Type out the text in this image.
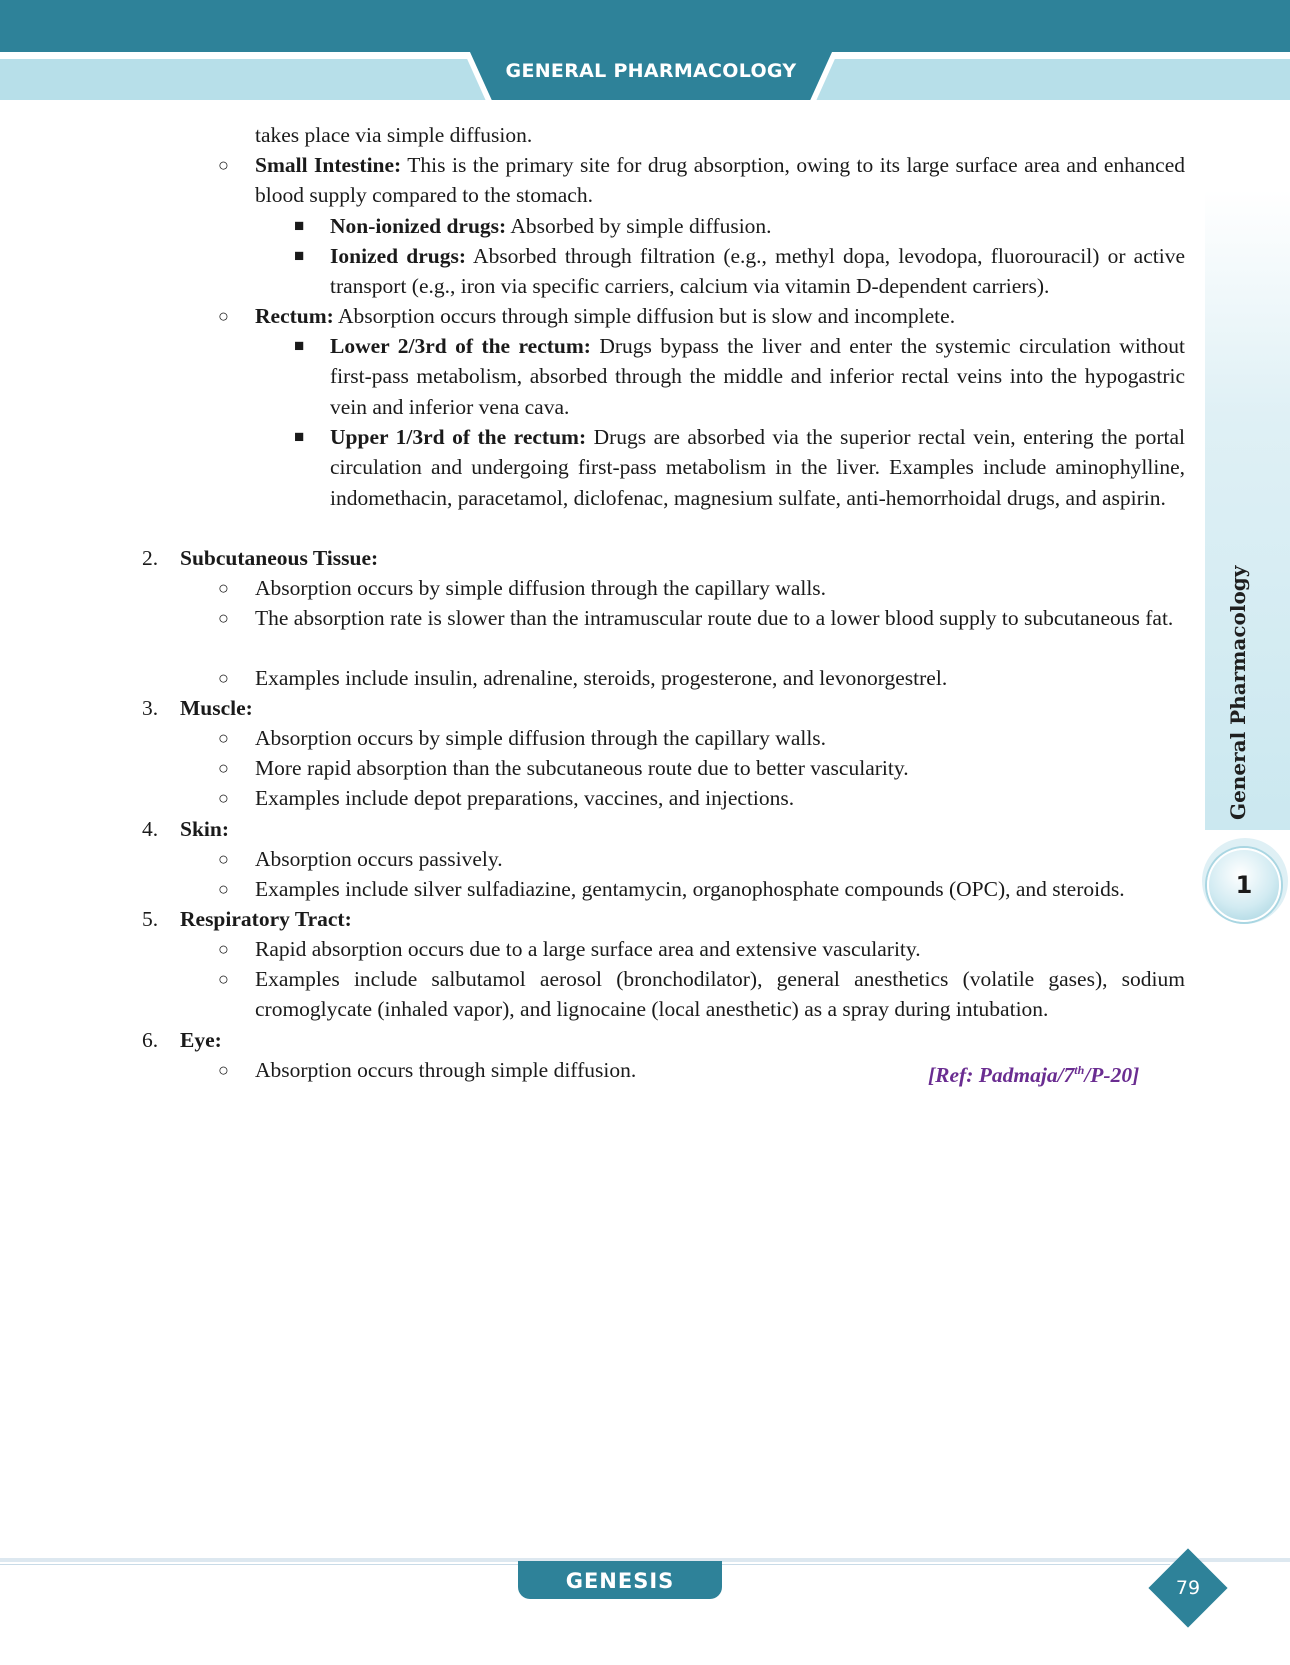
GENERAL PHARMACOLOGY
General Pharmacology
1
takes place via simple diffusion.
○ Small Intestine: This is the primary site for drug absorption, owing to its large surface area and enhanced blood supply compared to the stomach.
■ Non-ionized drugs: Absorbed by simple diffusion.
■ Ionized drugs: Absorbed through filtration (e.g., methyl dopa, levodopa, fluorouracil) or active transport (e.g., iron via specific carriers, calcium via vitamin D-dependent carriers).
○ Rectum: Absorption occurs through simple diffusion but is slow and incomplete.
■ Lower 2/3rd of the rectum: Drugs bypass the liver and enter the systemic circulation without first-pass metabolism, absorbed through the middle and inferior rectal veins into the hypogastric vein and inferior vena cava.
■ Upper 1/3rd of the rectum: Drugs are absorbed via the superior rectal vein, entering the portal circulation and undergoing first-pass metabolism in the liver. Examples include aminophylline, indomethacin, paracetamol, diclofenac, magnesium sulfate, anti-hemorrhoidal drugs, and aspirin.
2. Subcutaneous Tissue:
○ Absorption occurs by simple diffusion through the capillary walls.
○ The absorption rate is slower than the intramuscular route due to a lower blood supply to subcutaneous fat.
○ Examples include insulin, adrenaline, steroids, progesterone, and levonorgestrel.
3. Muscle:
○ Absorption occurs by simple diffusion through the capillary walls.
○ More rapid absorption than the subcutaneous route due to better vascularity.
○ Examples include depot preparations, vaccines, and injections.
4. Skin:
○ Absorption occurs passively.
○ Examples include silver sulfadiazine, gentamycin, organophosphate compounds (OPC), and steroids.
5. Respiratory Tract:
○ Rapid absorption occurs due to a large surface area and extensive vascularity.
○ Examples include salbutamol aerosol (bronchodilator), general anesthetics (volatile gases), sodium cromoglycate (inhaled vapor), and lignocaine (local anesthetic) as a spray during intubation.
6. Eye:
○ Absorption occurs through simple diffusion.	[Ref: Padmaja/7th/P-20]
GENESIS	79
